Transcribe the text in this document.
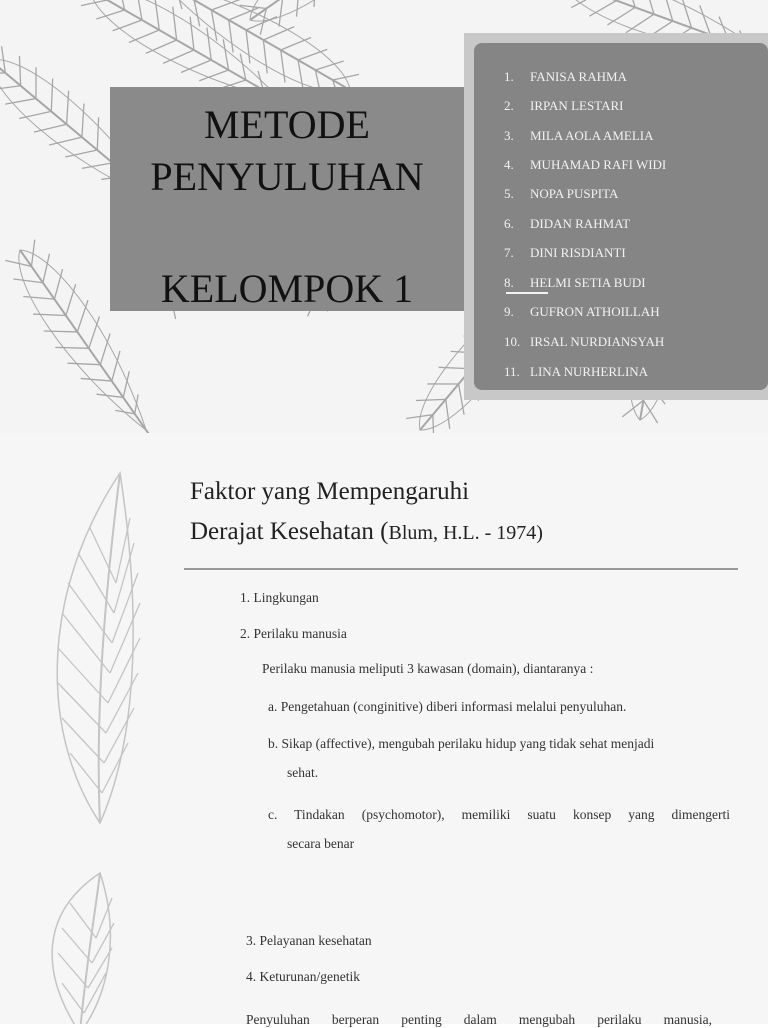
METODE
PENYULUHAN
KELOMPOK 1
1. FANISA RAHMA
2. IRPAN LESTARI
3. MILA AOLA AMELIA
4. MUHAMAD RAFI WIDI
5. NOPA PUSPITA
6. DIDAN RAHMAT
7. DINI RISDIANTI
8. HELMI SETIA BUDI
9. GUFRON ATHOILLAH
10. IRSAL NURDIANSYAH
11. LINA NURHERLINA
Faktor yang Mempengaruhi
Derajat Kesehatan (Blum, H.L. - 1974)
1. Lingkungan
2. Perilaku manusia
Perilaku manusia meliputi 3 kawasan (domain), diantaranya :
a. Pengetahuan (conginitive) diberi informasi melalui penyuluhan.
b. Sikap (affective), mengubah perilaku hidup yang tidak sehat menjadi
sehat.
c. Tindakan (psychomotor), memiliki suatu konsep yang dimengerti
secara benar
3. Pelayanan kesehatan
4. Keturunan/genetik
Penyuluhan berperan penting dalam mengubah perilaku manusia,
